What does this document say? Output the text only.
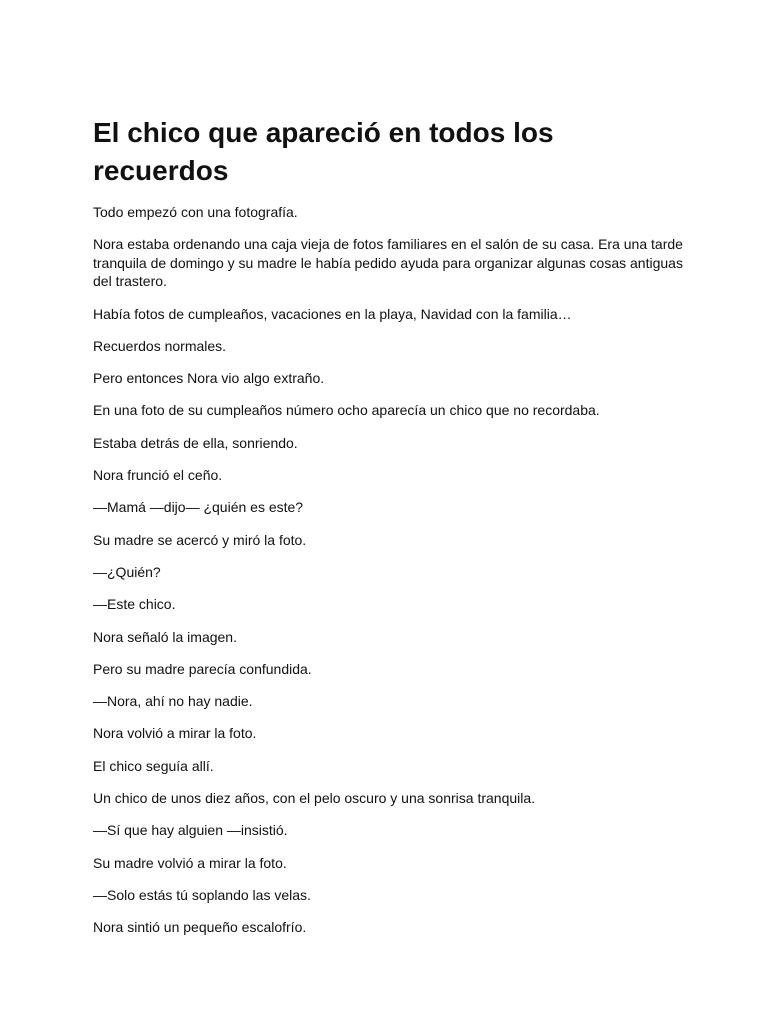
El chico que apareció en todos los recuerdos

Todo empezó con una fotografía.

Nora estaba ordenando una caja vieja de fotos familiares en el salón de su casa. Era una tarde tranquila de domingo y su madre le había pedido ayuda para organizar algunas cosas antiguas del trastero.

Había fotos de cumpleaños, vacaciones en la playa, Navidad con la familia…

Recuerdos normales.

Pero entonces Nora vio algo extraño.

En una foto de su cumpleaños número ocho aparecía un chico que no recordaba.

Estaba detrás de ella, sonriendo.

Nora frunció el ceño.

—Mamá —dijo— ¿quién es este?

Su madre se acercó y miró la foto.

—¿Quién?

—Este chico.

Nora señaló la imagen.

Pero su madre parecía confundida.

—Nora, ahí no hay nadie.

Nora volvió a mirar la foto.

El chico seguía allí.

Un chico de unos diez años, con el pelo oscuro y una sonrisa tranquila.

—Sí que hay alguien —insistió.

Su madre volvió a mirar la foto.

—Solo estás tú soplando las velas.

Nora sintió un pequeño escalofrío.
